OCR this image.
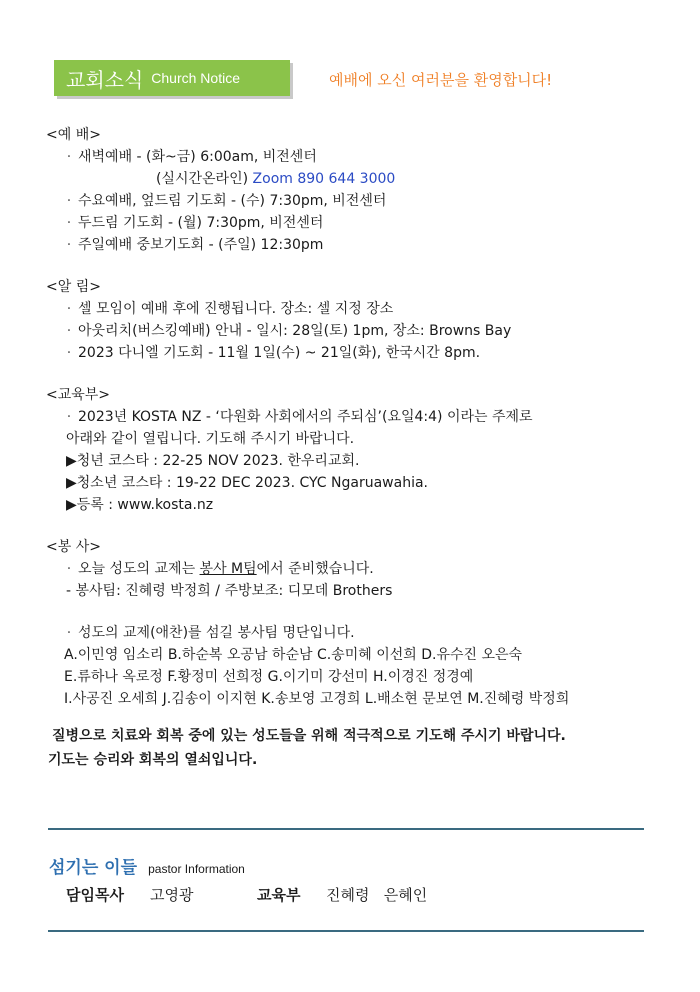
교회소식 Church Notice	예배에 오신 여러분을 환영합니다!
<예 배>
· 새벽예배 - (화~금) 6:00am, 비전센터
(실시간온라인) Zoom 890 644 3000
· 수요예배, 엎드림 기도회 - (수) 7:30pm, 비전센터
· 두드림 기도회 - (월) 7:30pm, 비전센터
· 주일예배 중보기도회 - (주일) 12:30pm
<알 림>
· 셀 모임이 예배 후에 진행됩니다. 장소: 셀 지정 장소
· 아웃리치(버스킹예배) 안내 - 일시: 28일(토) 1pm, 장소: Browns Bay
· 2023 다니엘 기도회 - 11월 1일(수) ~ 21일(화), 한국시간 8pm.
<교육부>
· 2023년 KOSTA NZ - ‘다원화 사회에서의 주되심’(요일4:4) 이라는 주제로
아래와 같이 열립니다. 기도해 주시기 바랍니다.
▶청년 코스타 : 22-25 NOV 2023. 한우리교회.
▶청소년 코스타 : 19-22 DEC 2023. CYC Ngaruawahia.
▶등록 : www.kosta.nz
<봉 사>
· 오늘 성도의 교제는 봉사 M팀에서 준비했습니다.
- 봉사팀: 진혜령 박정희 / 주방보조: 디모데 Brothers
· 성도의 교제(애찬)를 섬길 봉사팀 명단입니다.
A.이민영 임소리 B.하순복 오공남 하순남 C.송미혜 이선희 D.유수진 오은숙
E.류하나 옥로정 F.황정미 선희정 G.이기미 강선미 H.이경진 정경예
I.사공진 오세희 J.김송이 이지현 K.송보영 고경희 L.배소현 문보연 M.진혜령 박정희
질병으로 치료와 회복 중에 있는 성도들을 위해 적극적으로 기도해 주시기 바랍니다.
기도는 승리와 회복의 열쇠입니다.
섬기는 이들 pastor Information
담임목사 고영광	교육부 진혜령   은혜인
